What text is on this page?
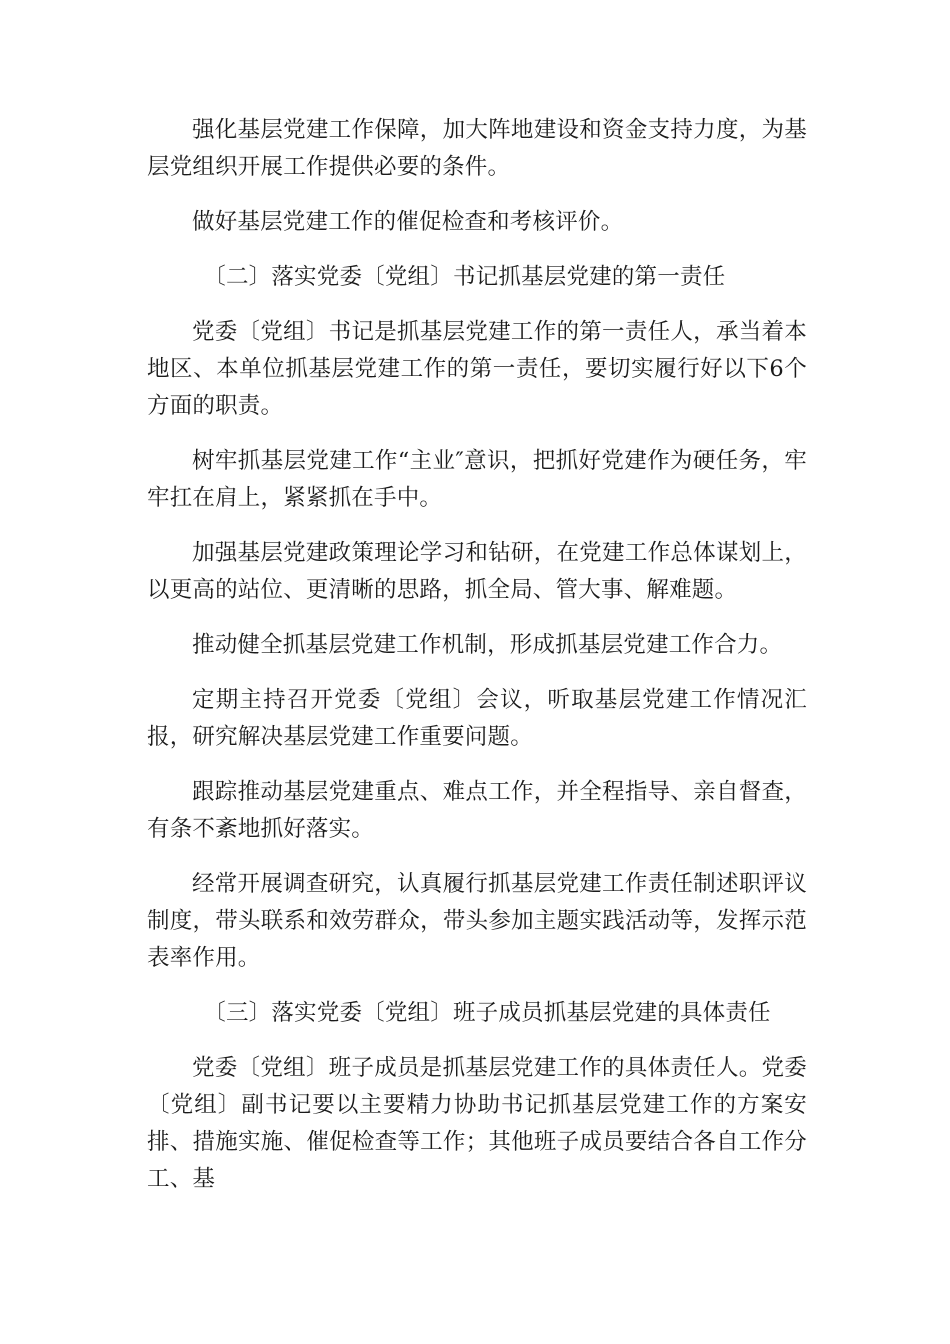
强化基层党建工作保障，加大阵地建设和资金支持力度，为基层党组织开展工作提供必要的条件。

做好基层党建工作的催促检查和考核评价。

〔二〕落实党委〔党组〕书记抓基层党建的第一责任

党委〔党组〕书记是抓基层党建工作的第一责任人，承当着本地区、本单位抓基层党建工作的第一责任，要切实履行好以下6个方面的职责。

树牢抓基层党建工作“主业″意识，把抓好党建作为硬任务，牢牢扛在肩上，紧紧抓在手中。

加强基层党建政策理论学习和钻研，在党建工作总体谋划上，以更高的站位、更清晰的思路，抓全局、管大事、解难题。

推动健全抓基层党建工作机制，形成抓基层党建工作合力。

定期主持召开党委〔党组〕会议，听取基层党建工作情况汇报，研究解决基层党建工作重要问题。

跟踪推动基层党建重点、难点工作，并全程指导、亲自督查，有条不紊地抓好落实。

经常开展调查研究，认真履行抓基层党建工作责任制述职评议制度，带头联系和效劳群众，带头参加主题实践活动等，发挥示范表率作用。

〔三〕落实党委〔党组〕班子成员抓基层党建的具体责任

党委〔党组〕班子成员是抓基层党建工作的具体责任人。党委〔党组〕副书记要以主要精力协助书记抓基层党建工作的方案安排、措施实施、催促检查等工作；其他班子成员要结合各自工作分工、基
